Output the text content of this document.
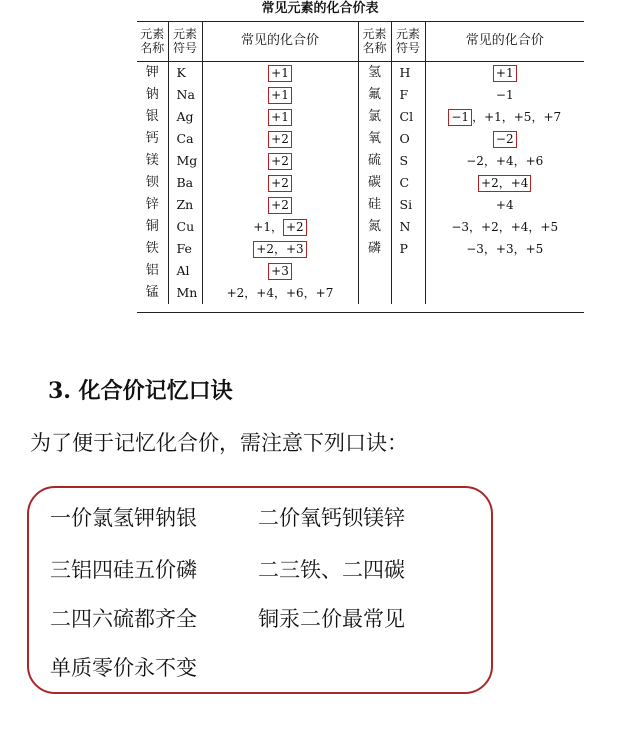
常见元素的化合价表
元素名称	元素符号	常见的化合价	元素名称	元素符号	常见的化合价
钾	K	+1	氢	H	+1
钠	Na	+1	氟	F	−1
银	Ag	+1	氯	Cl	−1 ，+1，+5，+7
钙	Ca	+2	氧	O	−2
镁	Mg	+2	硫	S	−2，+4，+6
钡	Ba	+2	碳	C	+2，+4
锌	Zn	+2	硅	Si	+4
铜	Cu	+1， +2	氮	N	−3，+2，+4，+5
铁	Fe	+2，+3	磷	P	−3，+3，+5
铝	Al	+3			
锰	Mn	+2，+4，+6，+7			
3. 化合价记忆口诀
为了便于记忆化合价，需注意下列口诀：
一价氯氢钾钠银	二价氧钙钡镁锌
三铝四硅五价磷	二三铁、二四碳
二四六硫都齐全	铜汞二价最常见
单质零价永不变
